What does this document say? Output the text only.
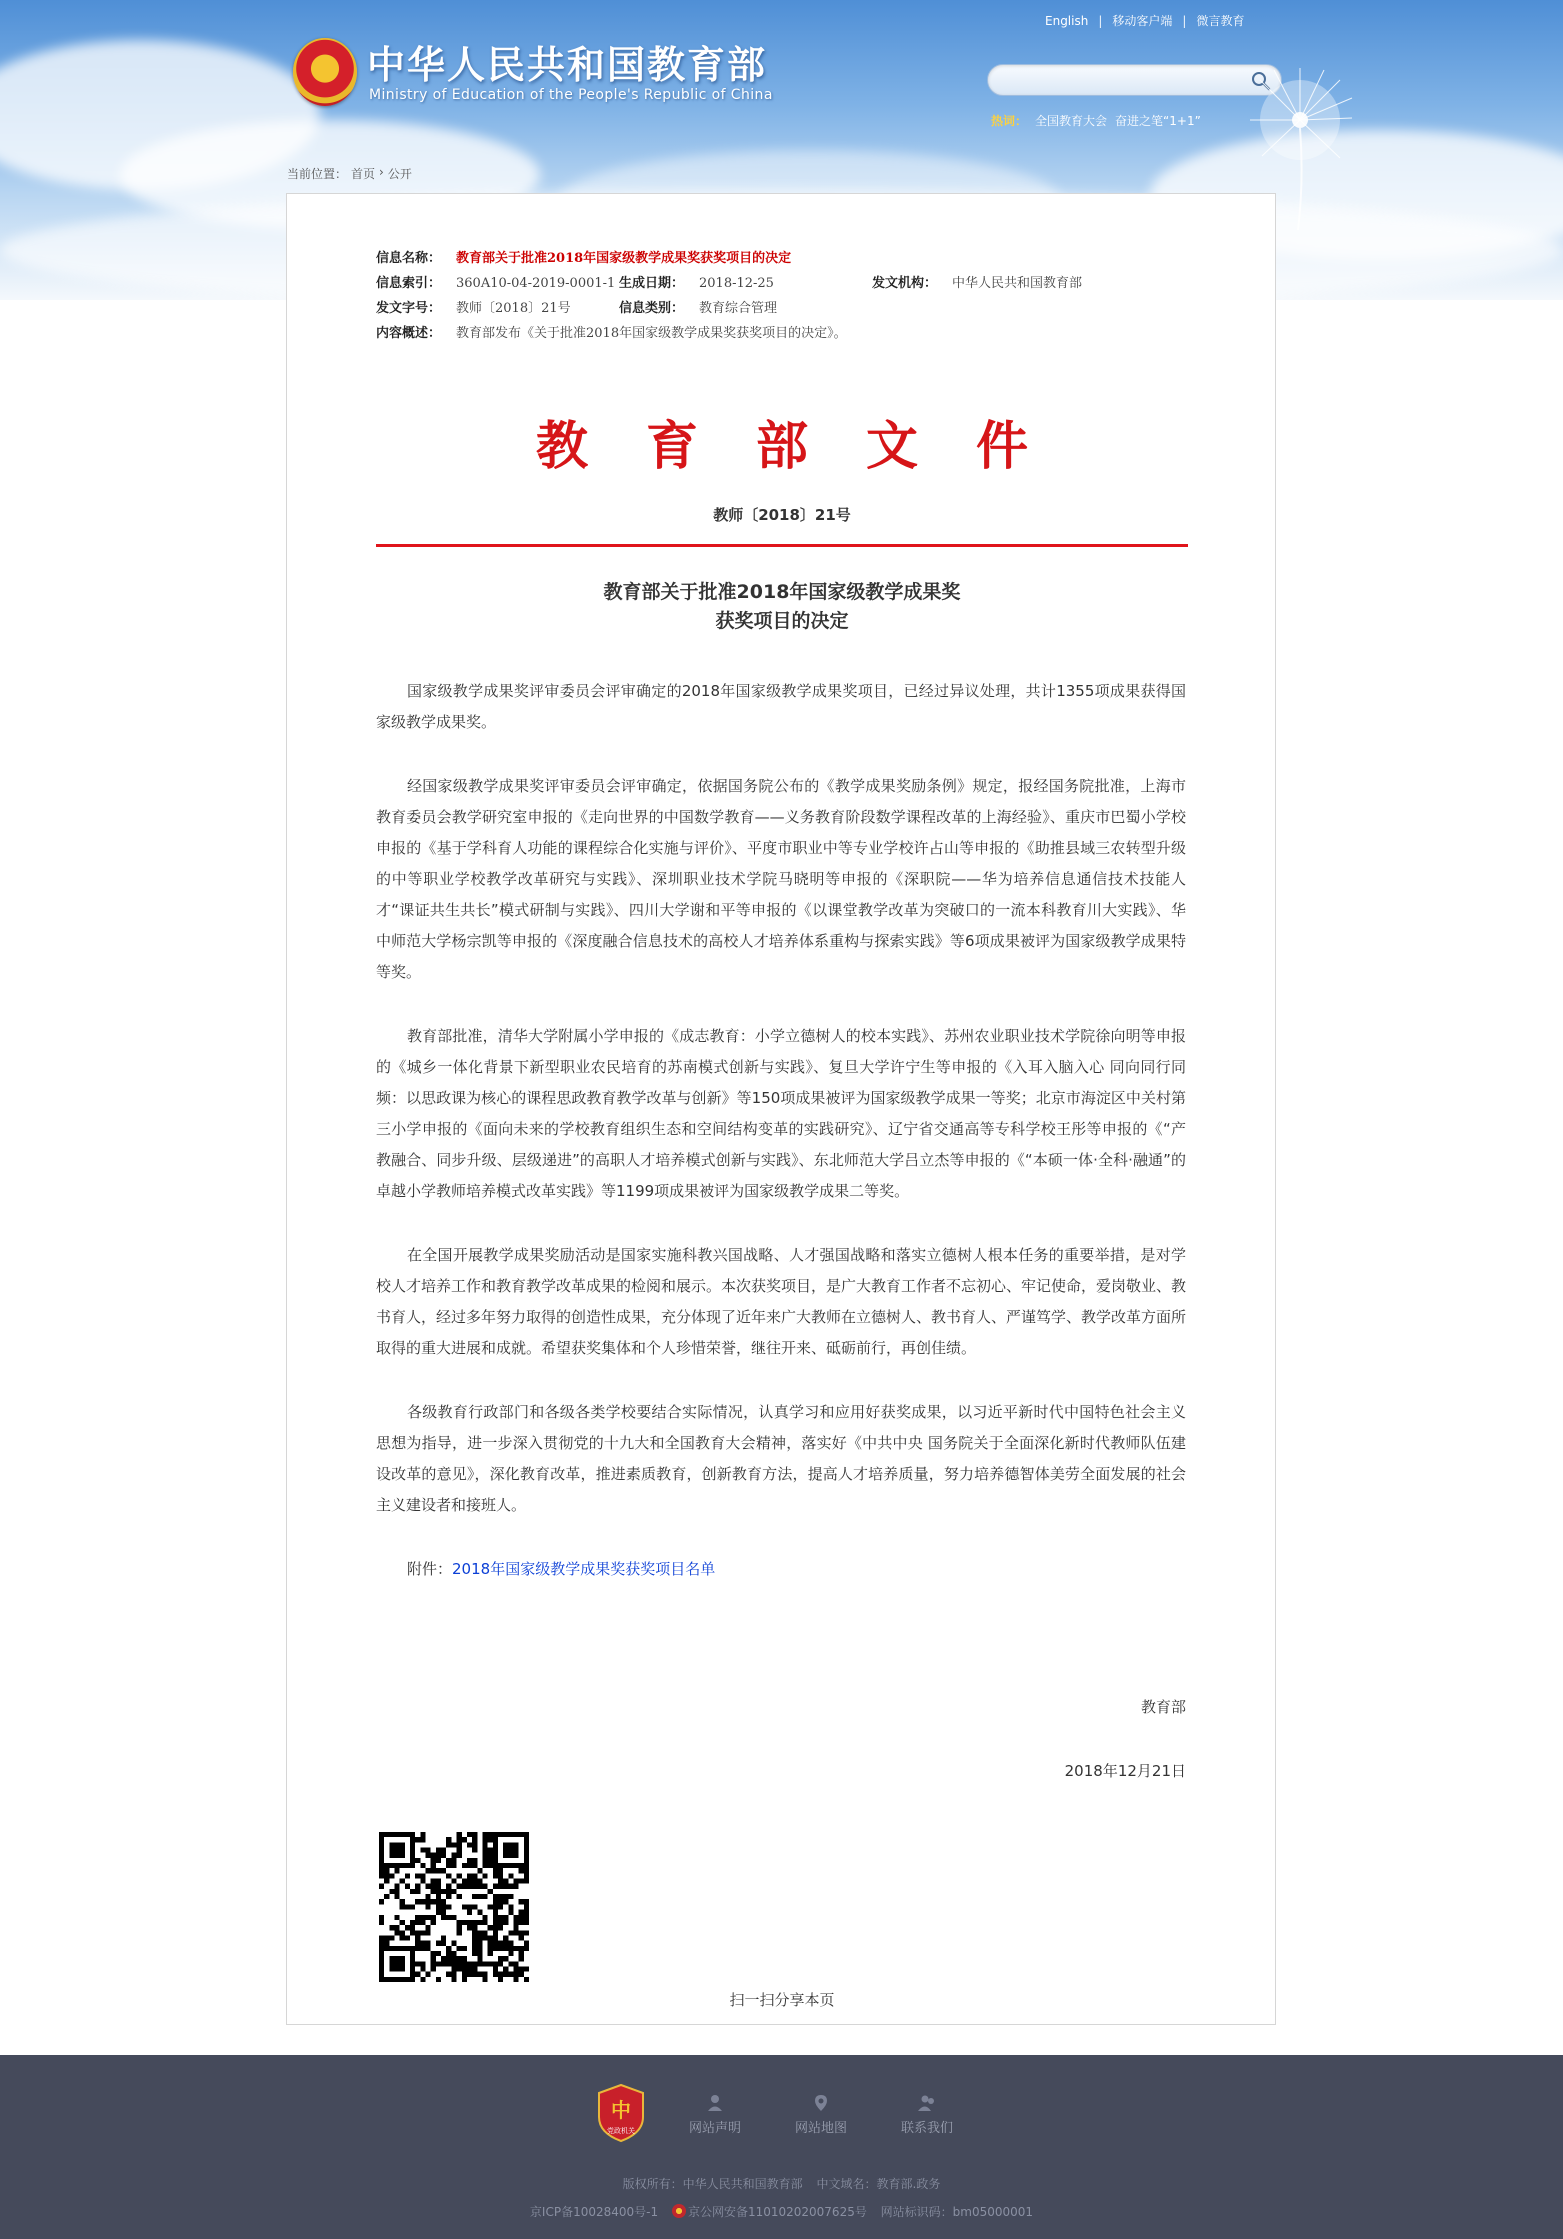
中华人民共和国教育部
Ministry of Education of the People's Republic of China
English | 移动客户端 | 微言教育
热词： 全国教育大会 奋进之笔“1+1”
当前位置： 首页 › 公开
信息名称：	教育部关于批准2018年国家级教学成果奖获奖项目的决定
信息索引：	360A10-04-2019-0001-1 生成日期：	2018-12-25	发文机构：	中华人民共和国教育部
发文字号：	教师〔2018〕21号	信息类别：	教育综合管理
内容概述：	教育部发布《关于批准2018年国家级教学成果奖获奖项目的决定》。
教育部文件
教师〔2018〕21号
教育部关于批准2018年国家级教学成果奖
获奖项目的决定

国家级教学成果奖评审委员会评审确定的2018年国家级教学成果奖项目，已经过异议处理，共计1355项成果获得国家级教学成果奖。

经国家级教学成果奖评审委员会评审确定，依据国务院公布的《教学成果奖励条例》规定，报经国务院批准，上海市教育委员会教学研究室申报的《走向世界的中国数学教育——义务教育阶段数学课程改革的上海经验》、重庆市巴蜀小学校申报的《基于学科育人功能的课程综合化实施与评价》、平度市职业中等专业学校许占山等申报的《助推县域三农转型升级的中等职业学校教学改革研究与实践》、深圳职业技术学院马晓明等申报的《深职院——华为培养信息通信技术技能人才“课证共生共长”模式研制与实践》、四川大学谢和平等申报的《以课堂教学改革为突破口的一流本科教育川大实践》、华中师范大学杨宗凯等申报的《深度融合信息技术的高校人才培养体系重构与探索实践》等6项成果被评为国家级教学成果特等奖。

教育部批准，清华大学附属小学申报的《成志教育：小学立德树人的校本实践》、苏州农业职业技术学院徐向明等申报的《城乡一体化背景下新型职业农民培育的苏南模式创新与实践》、复旦大学许宁生等申报的《入耳入脑入心 同向同行同频：以思政课为核心的课程思政教育教学改革与创新》等150项成果被评为国家级教学成果一等奖；北京市海淀区中关村第三小学申报的《面向未来的学校教育组织生态和空间结构变革的实践研究》、辽宁省交通高等专科学校王彤等申报的《“产教融合、同步升级、层级递进”的高职人才培养模式创新与实践》、东北师范大学吕立杰等申报的《“本硕一体·全科·融通”的卓越小学教师培养模式改革实践》等1199项成果被评为国家级教学成果二等奖。

在全国开展教学成果奖励活动是国家实施科教兴国战略、人才强国战略和落实立德树人根本任务的重要举措，是对学校人才培养工作和教育教学改革成果的检阅和展示。本次获奖项目，是广大教育工作者不忘初心、牢记使命，爱岗敬业、教书育人，经过多年努力取得的创造性成果，充分体现了近年来广大教师在立德树人、教书育人、严谨笃学、教学改革方面所取得的重大进展和成就。希望获奖集体和个人珍惜荣誉，继往开来、砥砺前行，再创佳绩。

各级教育行政部门和各级各类学校要结合实际情况，认真学习和应用好获奖成果，以习近平新时代中国特色社会主义思想为指导，进一步深入贯彻党的十九大和全国教育大会精神，落实好《中共中央 国务院关于全面深化新时代教师队伍建设改革的意见》，深化教育改革，推进素质教育，创新教育方法，提高人才培养质量，努力培养德智体美劳全面发展的社会主义建设者和接班人。

附件：2018年国家级教学成果奖获奖项目名单

教育部
2018年12月21日
扫一扫分享本页
中
党政机关	网站声明	网站地图	联系我们
版权所有：中华人民共和国教育部 中文域名：教育部.政务
京ICP备10028400号-1 京公网安备11010202007625号 网站标识码：bm05000001
